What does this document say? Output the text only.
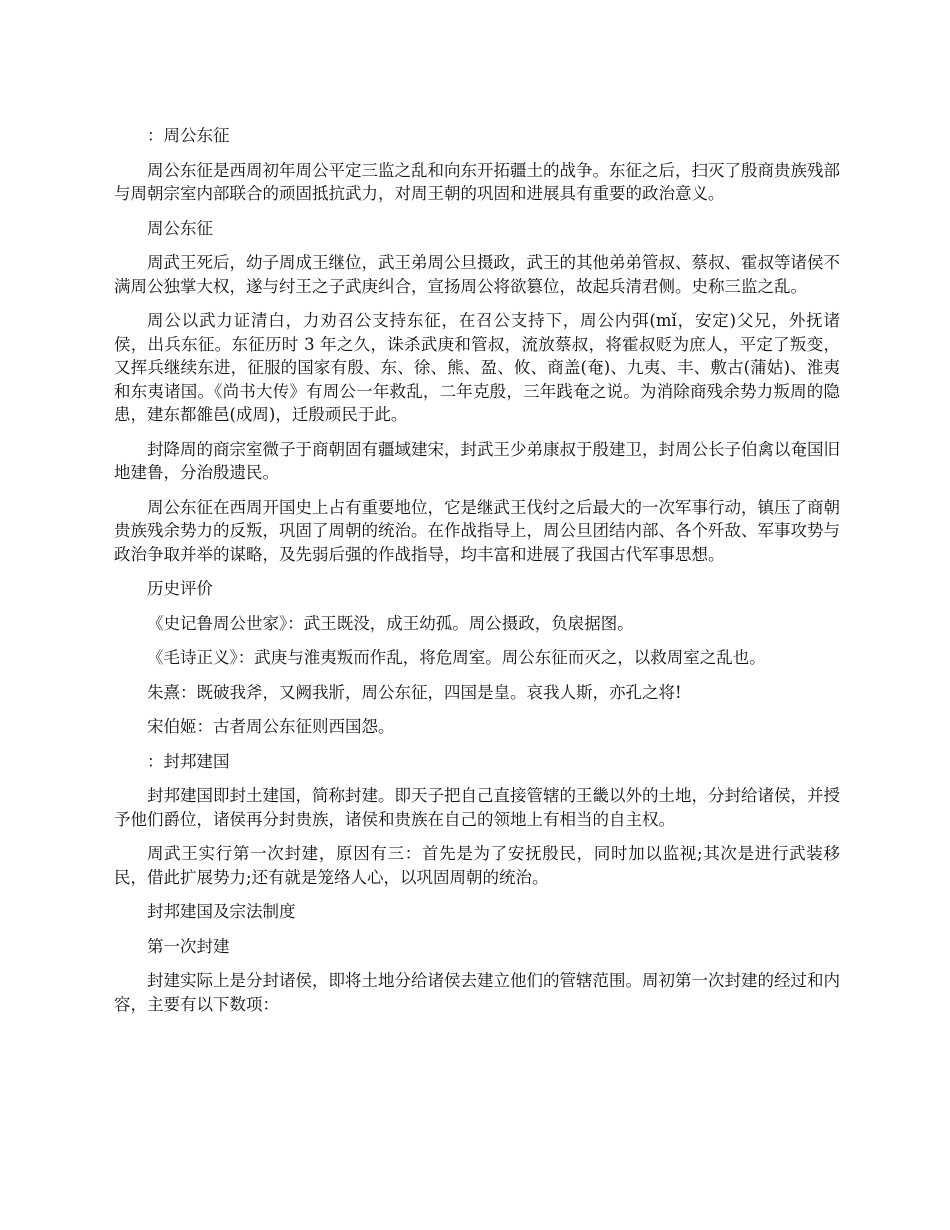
：周公东征

周公东征是西周初年周公平定三监之乱和向东开拓疆土的战争。东征之后，扫灭了殷商贵族残部与周朝宗室内部联合的顽固抵抗武力，对周王朝的巩固和进展具有重要的政治意义。

周公东征

周武王死后，幼子周成王继位，武王弟周公旦摄政，武王的其他弟弟管叔、蔡叔、霍叔等诸侯不满周公独掌大权，遂与纣王之子武庚纠合，宣扬周公将欲篡位，故起兵清君侧。史称三监之乱。

周公以武力证清白，力劝召公支持东征，在召公支持下，周公内弭(mǐ，安定)父兄，外抚诸侯，出兵东征。东征历时 3 年之久，诛杀武庚和管叔，流放蔡叔，将霍叔贬为庶人，平定了叛变，又挥兵继续东进，征服的国家有殷、东、徐、熊、盈、攸、商盖(奄)、九夷、丰、敷古(蒲姑)、淮夷和东夷诸国。《尚书大传》有周公一年救乱，二年克殷，三年践奄之说。为消除商残余势力叛周的隐患，建东都雒邑(成周)，迁殷顽民于此。

封降周的商宗室微子于商朝固有疆域建宋，封武王少弟康叔于殷建卫，封周公长子伯禽以奄国旧地建鲁，分治殷遗民。

周公东征在西周开国史上占有重要地位，它是继武王伐纣之后最大的一次军事行动，镇压了商朝贵族残余势力的反叛，巩固了周朝的统治。在作战指导上，周公旦团结内部、各个歼敌、军事攻势与政治争取并举的谋略，及先弱后强的作战指导，均丰富和进展了我国古代军事思想。

历史评价

《史记鲁周公世家》：武王既没，成王幼孤。周公摄政，负扆据图。

《毛诗正义》：武庚与淮夷叛而作乱，将危周室。周公东征而灭之，以救周室之乱也。

朱熹：既破我斧，又阙我斨，周公东征，四国是皇。哀我人斯，亦孔之将!

宋伯姬：古者周公东征则西国怨。

：封邦建国

封邦建国即封土建国，简称封建。即天子把自己直接管辖的王畿以外的土地，分封给诸侯，并授予他们爵位，诸侯再分封贵族，诸侯和贵族在自己的领地上有相当的自主权。

周武王实行第一次封建，原因有三：首先是为了安抚殷民，同时加以监视;其次是进行武装移民，借此扩展势力;还有就是笼络人心，以巩固周朝的统治。

封邦建国及宗法制度

第一次封建

封建实际上是分封诸侯，即将土地分给诸侯去建立他们的管辖范围。周初第一次封建的经过和内容，主要有以下数项：
